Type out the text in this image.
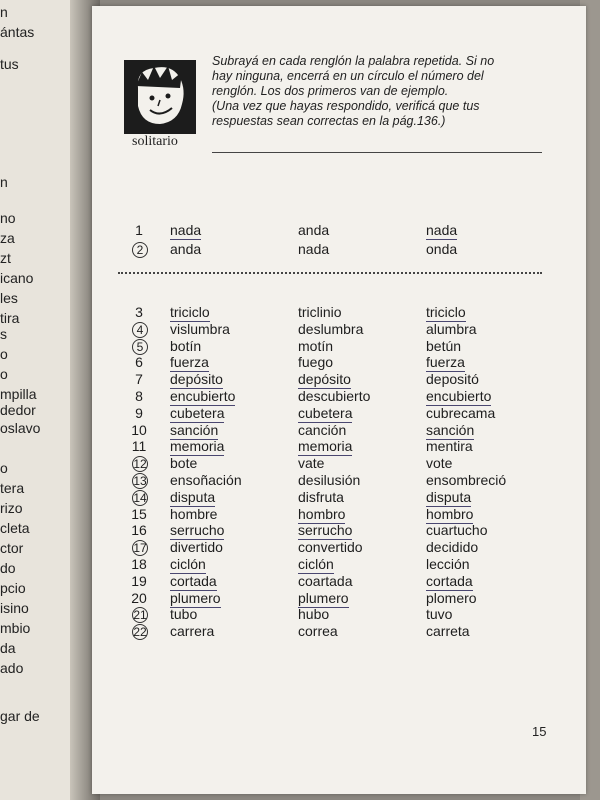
n
ántas
tus
n
no
za
zt
icano
les
tira
s
o
o
mpilla
dedor
oslavo
o
tera
rizo
cleta
ctor
do
pcio
isino
mbio
da
ado
gar de
solitario
Subrayá en cada renglón la palabra repetida. Si no
hay ninguna, encerrá en un círculo el número del
renglón. Los dos primeros van de ejemplo.
(Una vez que hayas respondido, verificá que tus
respuestas sean correctas en la pág.136.)
1	nada	anda	nada
2	anda	nada	onda
3	triciclo	triclinio	triciclo
4	vislumbra	deslumbra	alumbra
5	botín	motín	betún
6	fuerza	fuego	fuerza
7	depósito	depósito	depositó
8	encubierto	descubierto	encubierto
9	cubetera	cubetera	cubrecama
10 sanción	canción	sanción
11 memoria	memoria	mentira
12 bote	vate	vote
13 ensoñación	desilusión	ensombreció
14 disputa	disfruta	disputa
15 hombre	hombro	hombro
16 serrucho	serrucho	cuartucho
17 divertido	convertido	decidido
18 ciclón	ciclón	lección
19 cortada	coartada	cortada
20 plumero	plumero	plomero
21 tubo	hubo	tuvo
22 carrera	correa	carreta
15
